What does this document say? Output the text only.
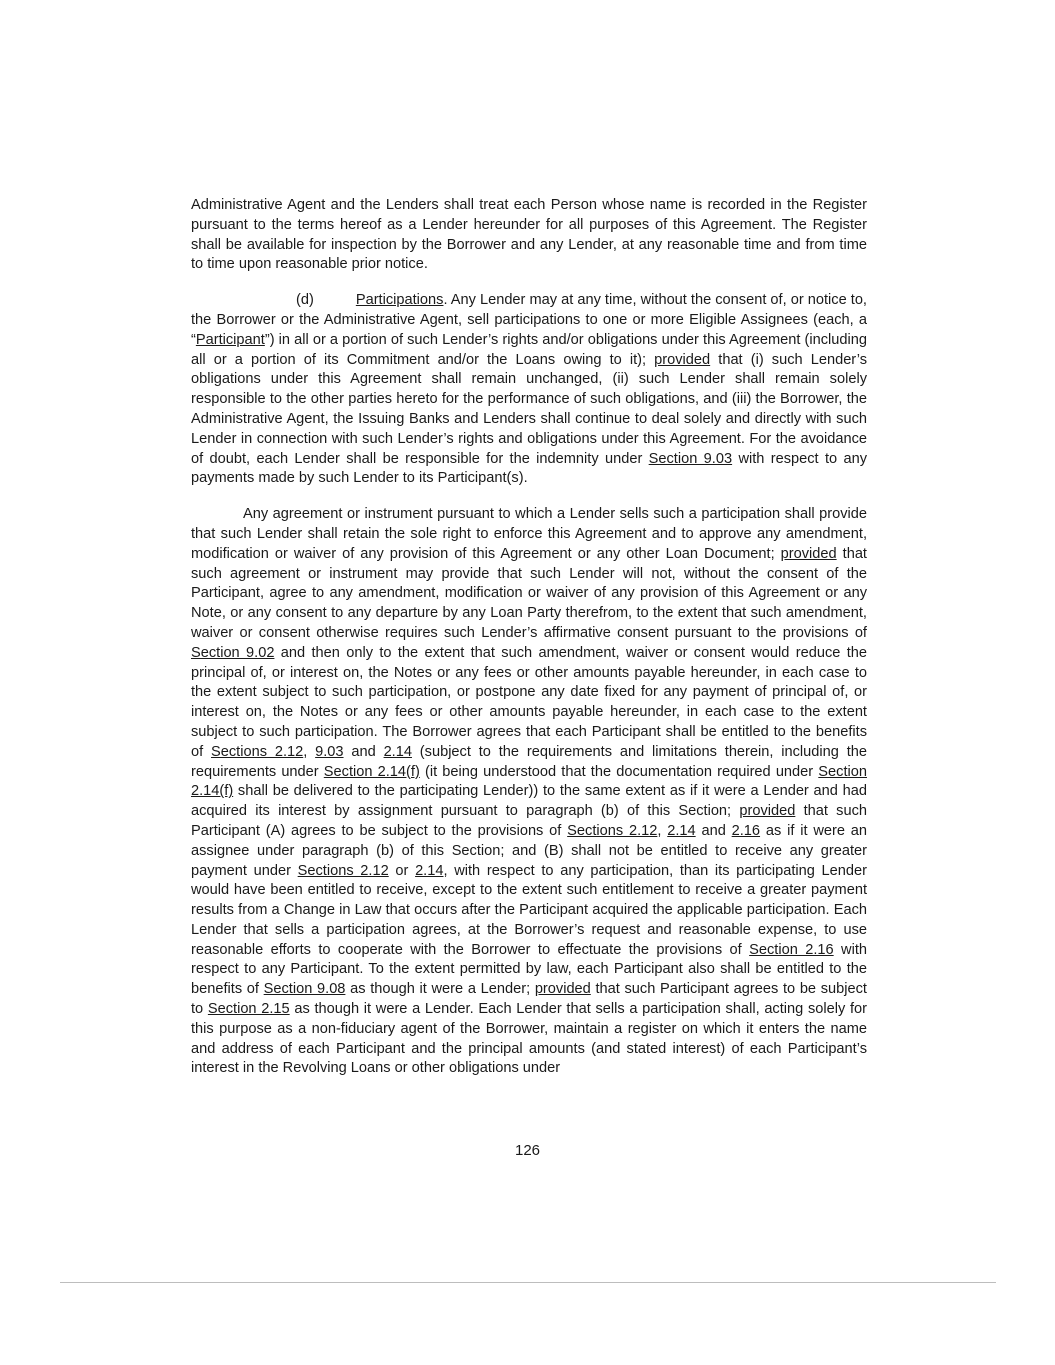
Administrative Agent and the Lenders shall treat each Person whose name is recorded in the Register pursuant to the terms hereof as a Lender hereunder for all purposes of this Agreement. The Register shall be available for inspection by the Borrower and any Lender, at any reasonable time and from time to time upon reasonable prior notice.

(d)	Participations. Any Lender may at any time, without the consent of, or notice to, the Borrower or the Administrative Agent, sell participations to one or more Eligible Assignees (each, a “Participant”) in all or a portion of such Lender’s rights and/or obligations under this Agreement (including all or a portion of its Commitment and/or the Loans owing to it); provided that (i) such Lender’s obligations under this Agreement shall remain unchanged, (ii) such Lender shall remain solely responsible to the other parties hereto for the performance of such obligations, and (iii) the Borrower, the Administrative Agent, the Issuing Banks and Lenders shall continue to deal solely and directly with such Lender in connection with such Lender’s rights and obligations under this Agreement. For the avoidance of doubt, each Lender shall be responsible for the indemnity under Section 9.03 with respect to any payments made by such Lender to its Participant(s).

Any agreement or instrument pursuant to which a Lender sells such a participation shall provide that such Lender shall retain the sole right to enforce this Agreement and to approve any amendment, modification or waiver of any provision of this Agreement or any other Loan Document; provided that such agreement or instrument may provide that such Lender will not, without the consent of the Participant, agree to any amendment, modification or waiver of any provision of this Agreement or any Note, or any consent to any departure by any Loan Party therefrom, to the extent that such amendment, waiver or consent otherwise requires such Lender’s affirmative consent pursuant to the provisions of Section 9.02 and then only to the extent that such amendment, waiver or consent would reduce the principal of, or interest on, the Notes or any fees or other amounts payable hereunder, in each case to the extent subject to such participation, or postpone any date fixed for any payment of principal of, or interest on, the Notes or any fees or other amounts payable hereunder, in each case to the extent subject to such participation. The Borrower agrees that each Participant shall be entitled to the benefits of Sections 2.12, 9.03 and 2.14 (subject to the requirements and limitations therein, including the requirements under Section 2.14(f) (it being understood that the documentation required under Section 2.14(f) shall be delivered to the participating Lender)) to the same extent as if it were a Lender and had acquired its interest by assignment pursuant to paragraph (b) of this Section; provided that such Participant (A) agrees to be subject to the provisions of Sections 2.12, 2.14 and 2.16 as if it were an assignee under paragraph (b) of this Section; and (B) shall not be entitled to receive any greater payment under Sections 2.12 or 2.14, with respect to any participation, than its participating Lender would have been entitled to receive, except to the extent such entitlement to receive a greater payment results from a Change in Law that occurs after the Participant acquired the applicable participation. Each Lender that sells a participation agrees, at the Borrower’s request and reasonable expense, to use reasonable efforts to cooperate with the Borrower to effectuate the provisions of Section 2.16 with respect to any Participant. To the extent permitted by law, each Participant also shall be entitled to the benefits of Section 9.08 as though it were a Lender; provided that such Participant agrees to be subject to Section 2.15 as though it were a Lender. Each Lender that sells a participation shall, acting solely for this purpose as a non-fiduciary agent of the Borrower, maintain a register on which it enters the name and address of each Participant and the principal amounts (and stated interest) of each Participant’s interest in the Revolving Loans or other obligations under

126
